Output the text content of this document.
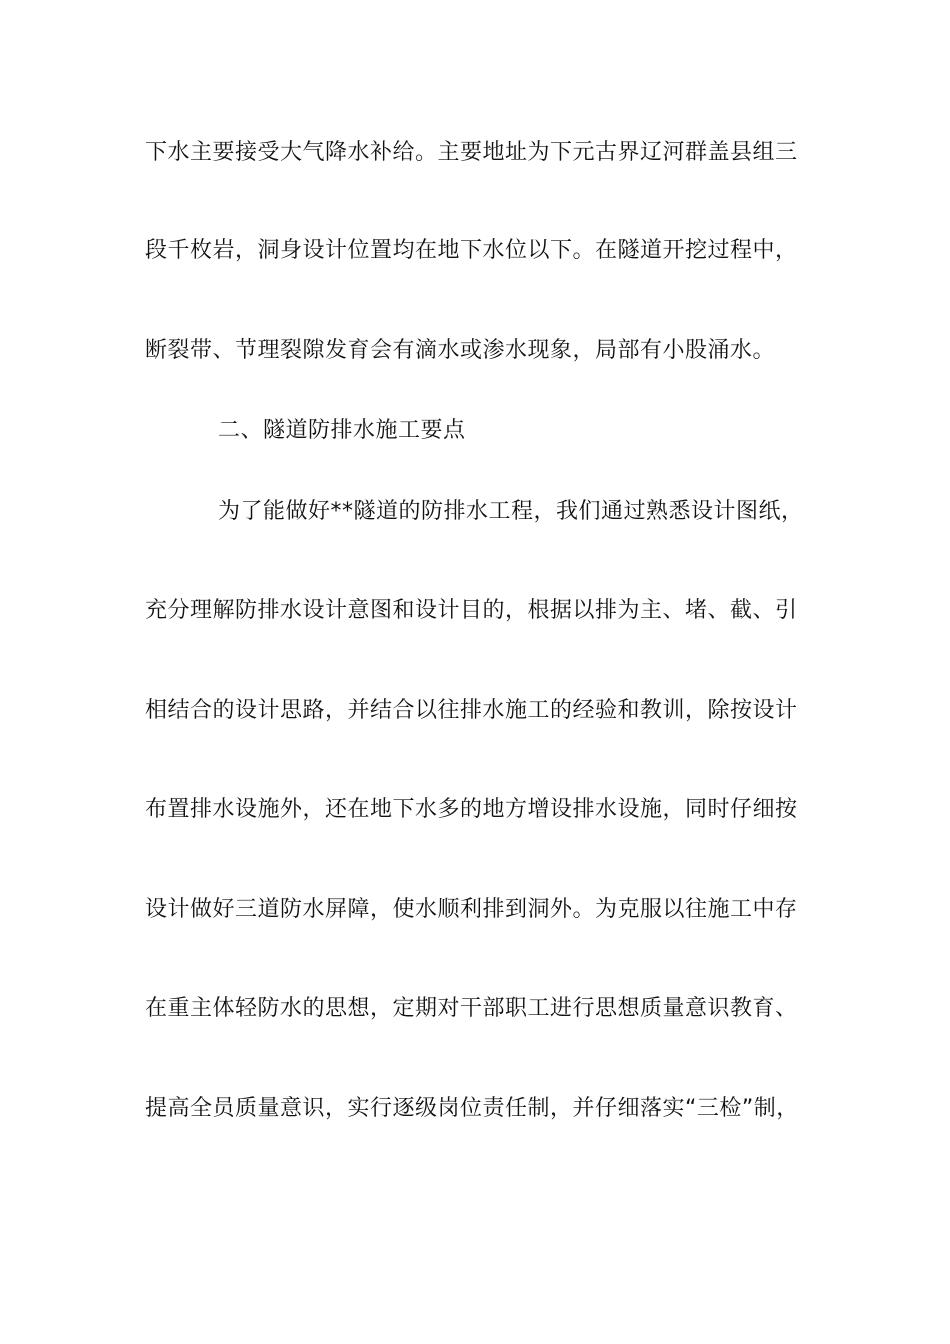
下水主要接受大气降水补给。主要地址为下元古界辽河群盖县组三
段千枚岩，洞身设计位置均在地下水位以下。在隧道开挖过程中，
断裂带、节理裂隙发育会有滴水或渗水现象，局部有小股涌水。
二、隧道防排水施工要点
为了能做好**隧道的防排水工程，我们通过熟悉设计图纸，
充分理解防排水设计意图和设计目的，根据以排为主、堵、截、引
相结合的设计思路，并结合以往排水施工的经验和教训，除按设计
布置排水设施外，还在地下水多的地方增设排水设施，同时仔细按
设计做好三道防水屏障，使水顺利排到洞外。为克服以往施工中存
在重主体轻防水的思想，定期对干部职工进行思想质量意识教育、
提高全员质量意识，实行逐级岗位责任制，并仔细落实“三检”制，
